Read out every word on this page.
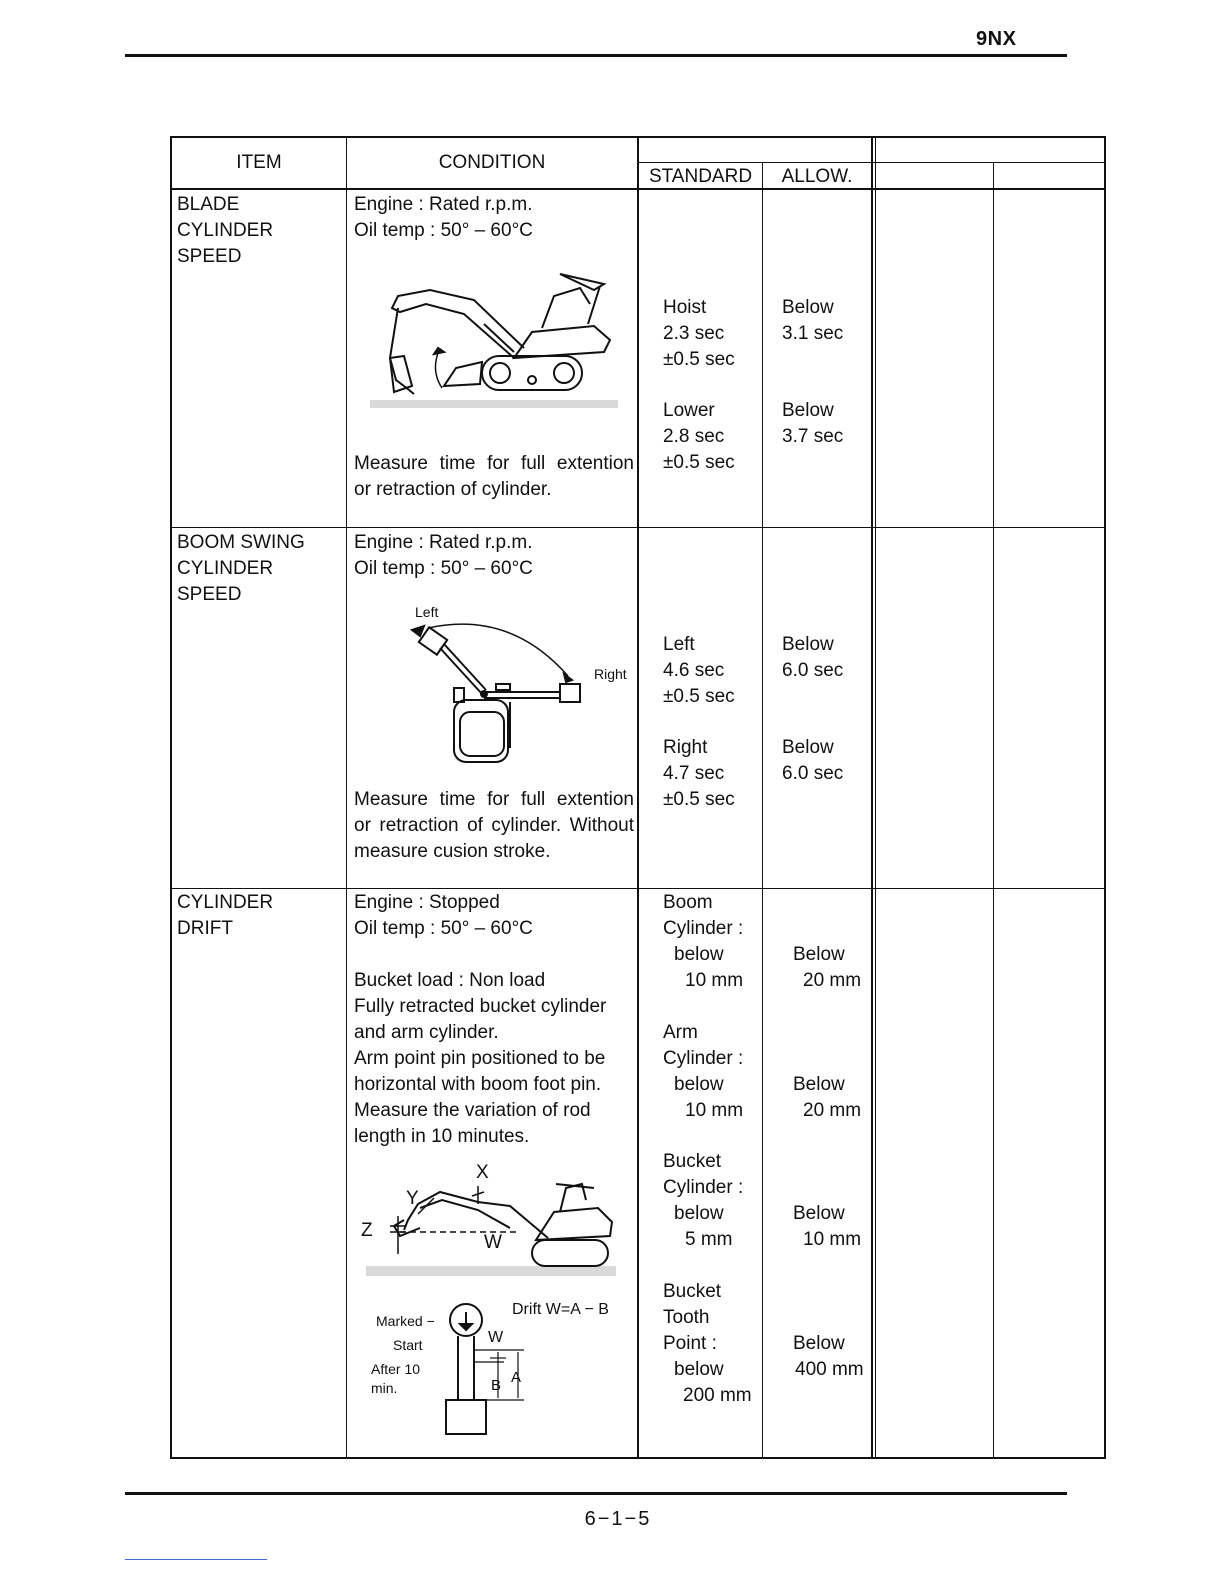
9NX
ITEM	CONDITION
STANDARD	ALLOW.
BLADE
CYLINDER
SPEED
Engine : Rated r.p.m.
Oil temp : 50° – 60°C
Measure time for full extention
or retraction of cylinder.
Hoist
2.3 sec
±0.5 sec
Lower
2.8 sec
±0.5 sec
Below
3.1 sec
Below
3.7 sec
BOOM SWING
CYLINDER
SPEED
Engine : Rated r.p.m.
Oil temp : 50° – 60°C
Left
Right
Measure time for full extention
or retraction of cylinder. Without
measure cusion stroke.
Left
4.6 sec
±0.5 sec
Right
4.7 sec
±0.5 sec
Below
6.0 sec
Below
6.0 sec
CYLINDER
DRIFT
Engine : Stopped
Oil temp : 50° – 60°C
Bucket load : Non load
Fully retracted bucket cylinder
and arm cylinder.
Arm point pin positioned to be
horizontal with boom foot pin.
Measure the variation of rod
length in 10 minutes.
X
Y
Z
W
Marked −
Start
After 10
min.
Drift W=A − B
W
B A
Boom
Cylinder :
below
10 mm
Arm
Cylinder :
below
10 mm
Bucket
Cylinder :
below
5 mm
Bucket
Tooth
Point :
below
200 mm
Below
20 mm
Below
20 mm
Below
10 mm
Below
400 mm
6−1−5
